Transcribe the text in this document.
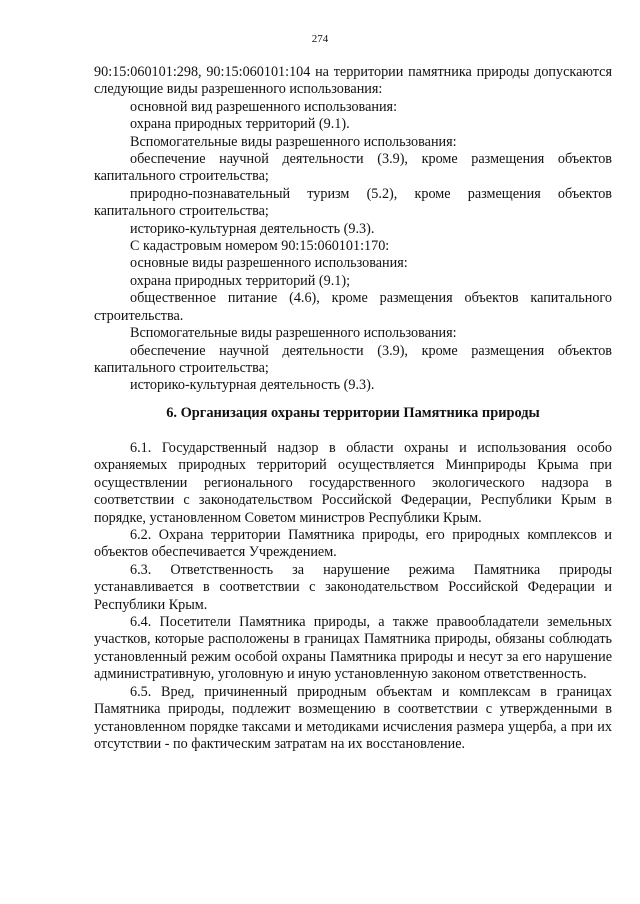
274

90:15:060101:298, 90:15:060101:104 на территории памятника природы допускаются следующие виды разрешенного использования:

основной вид разрешенного использования:

охрана природных территорий (9.1).

Вспомогательные виды разрешенного использования:

обеспечение научной деятельности (3.9), кроме размещения объектов капитального строительства;

природно-познавательный туризм (5.2), кроме размещения объектов капитального строительства;

историко-культурная деятельность (9.3).

С кадастровым номером 90:15:060101:170:

основные виды разрешенного использования:

охрана природных территорий (9.1);

общественное питание (4.6), кроме размещения объектов капитального строительства.

Вспомогательные виды разрешенного использования:

обеспечение научной деятельности (3.9), кроме размещения объектов капитального строительства;

историко-культурная деятельность (9.3).

6. Организация охраны территории Памятника природы

6.1. Государственный надзор в области охраны и использования особо охраняемых природных территорий осуществляется Минприроды Крыма при осуществлении регионального государственного экологического надзора в соответствии с законодательством Российской Федерации, Республики Крым в порядке, установленном Советом министров Республики Крым.

6.2. Охрана территории Памятника природы, его природных комплексов и объектов обеспечивается Учреждением.

6.3. Ответственность за нарушение режима Памятника природы устанавливается в соответствии с законодательством Российской Федерации и Республики Крым.

6.4. Посетители Памятника природы, а также правообладатели земельных участков, которые расположены в границах Памятника природы, обязаны соблюдать установленный режим особой охраны Памятника природы и несут за его нарушение административную, уголовную и иную установленную законом ответственность.

6.5. Вред, причиненный природным объектам и комплексам в границах Памятника природы, подлежит возмещению в соответствии с утвержденными в установленном порядке таксами и методиками исчисления размера ущерба, а при их отсутствии - по фактическим затратам на их восстановление.
